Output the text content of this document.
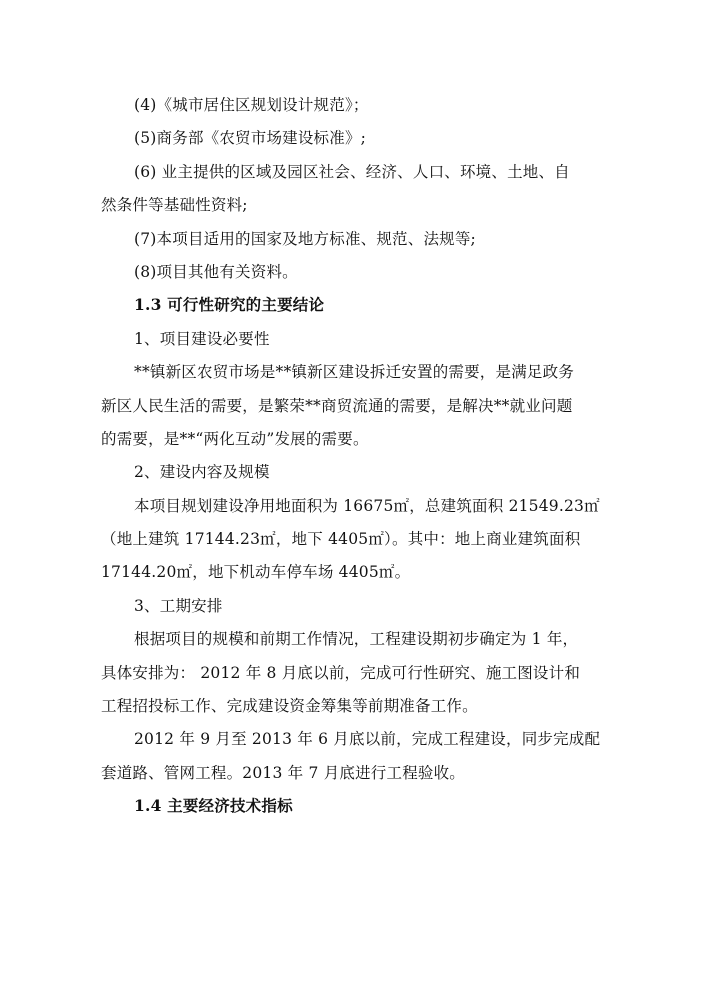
(4)《城市居住区规划设计规范》；
(5)商务部《农贸市场建设标准》;
(6) 业主提供的区域及园区社会、经济、人口、环境、土地、自
然条件等基础性资料;
(7)本项目适用的国家及地方标准、规范、法规等;
(8)项目其他有关资料。
1.3 可行性研究的主要结论
1、项目建设必要性
**镇新区农贸市场是**镇新区建设拆迁安置的需要，是满足政务
新区人民生活的需要，是繁荣**商贸流通的需要，是解决**就业问题
的需要，是**“两化互动”发展的需要。
2、建设内容及规模
本项目规划建设净用地面积为 16675㎡，总建筑面积 21549.23㎡
（地上建筑 17144.23㎡，地下 4405㎡）。其中：地上商业建筑面积
17144.20㎡，地下机动车停车场 4405㎡。
3、工期安排
根据项目的规模和前期工作情况，工程建设期初步确定为 1 年，
具体安排为： 2012 年 8 月底以前，完成可行性研究、施工图设计和
工程招投标工作、完成建设资金筹集等前期准备工作。
2012 年 9 月至 2013 年 6 月底以前，完成工程建设，同步完成配
套道路、管网工程。2013 年 7 月底进行工程验收。
1.4 主要经济技术指标
